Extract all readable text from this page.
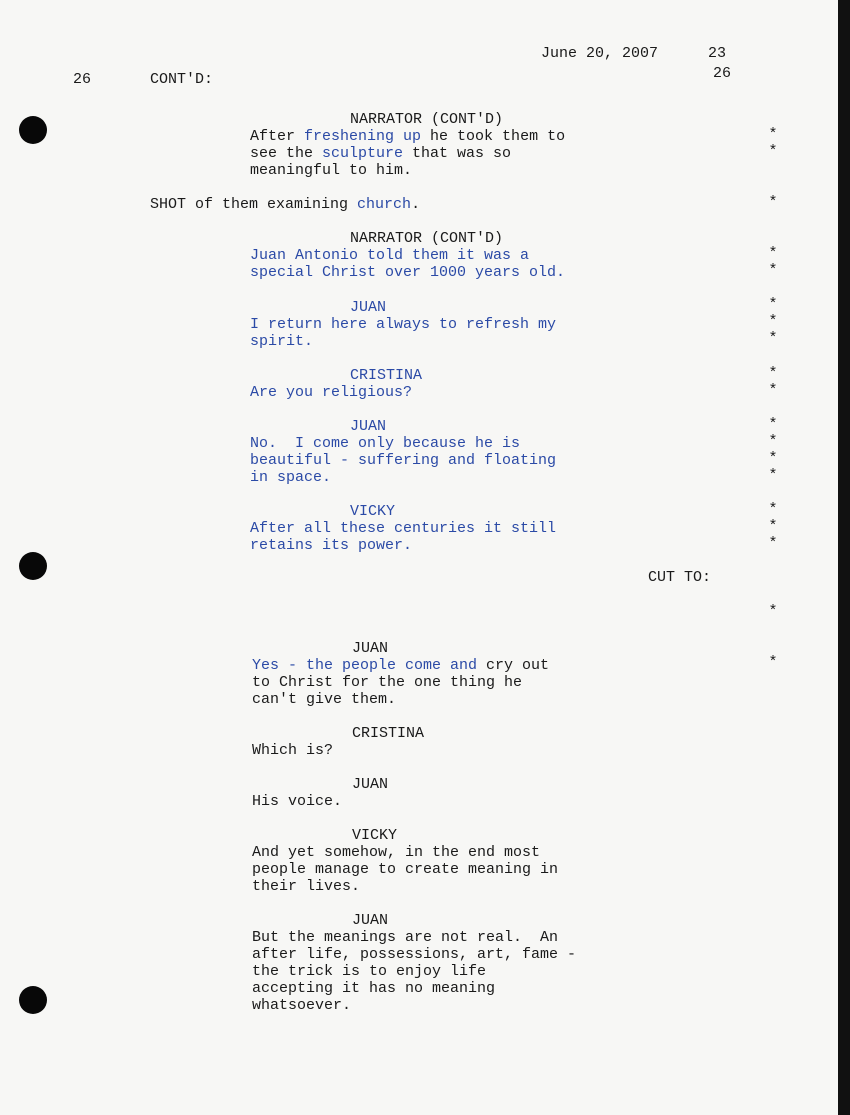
June 20, 2007	23
26
26	CONT'D:
NARRATOR (CONT'D)
After freshening up he took them to
see the sculpture that was so
meaningful to him.
SHOT of them examining church.
NARRATOR (CONT'D)
Juan Antonio told them it was a
special Christ over 1000 years old.
JUAN
I return here always to refresh my
spirit.
CRISTINA
Are you religious?
JUAN
No.  I come only because he is
beautiful - suffering and floating
in space.
VICKY
After all these centuries it still
retains its power.
CUT TO:
JUAN
Yes - the people come and cry out
to Christ for the one thing he
can't give them.
CRISTINA
Which is?
JUAN
His voice.
VICKY
And yet somehow, in the end most
people manage to create meaning in
their lives.
JUAN
But the meanings are not real.  An
after life, possessions, art, fame -
the trick is to enjoy life
accepting it has no meaning
whatsoever.
*
*
*
*
*
*
*
*
*
*
*
*
*
*
*
*
*
*
*
